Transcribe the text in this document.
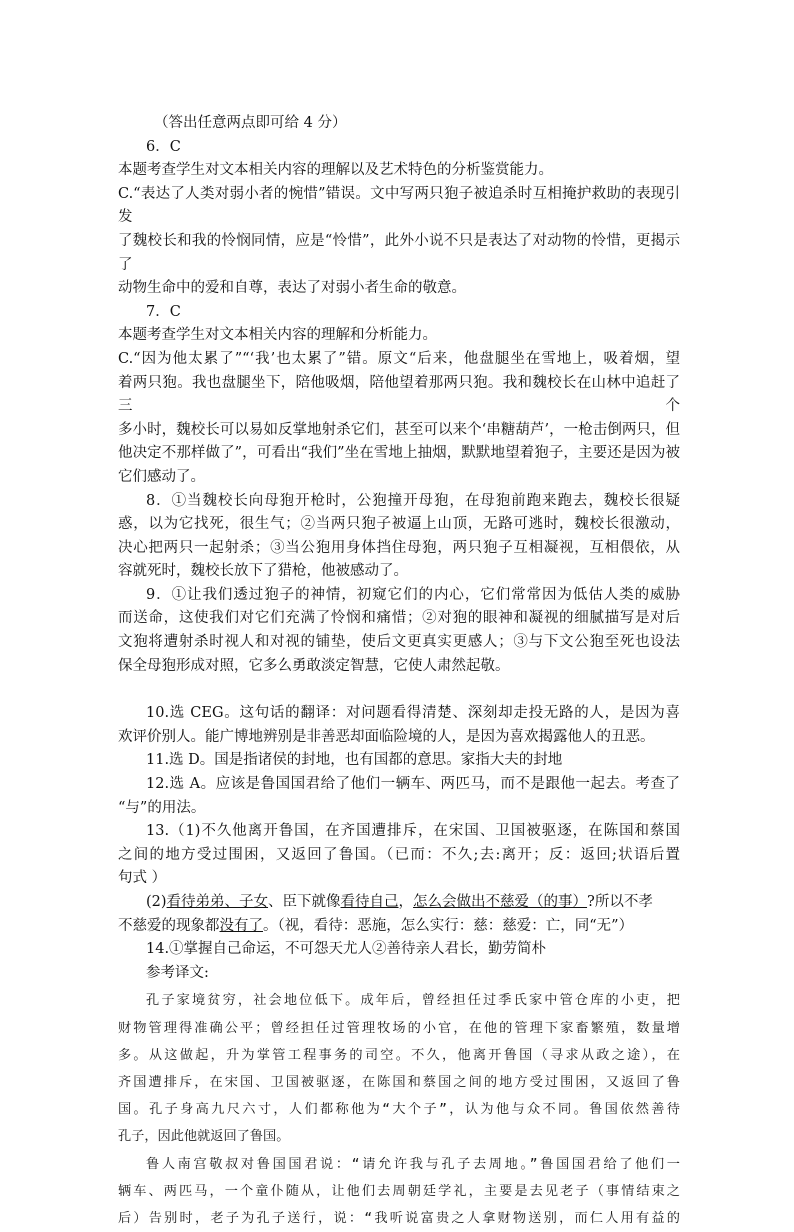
（答出任意两点即可给 4 分）
6．C
本题考查学生对文本相关内容的理解以及艺术特色的分析鉴赏能力。
C.“表达了人类对弱小者的惋惜”错误。文中写两只狍子被追杀时互相掩护救助的表现引发
了魏校长和我的怜悯同情，应是“怜惜”，此外小说不只是表达了对动物的怜惜，更揭示了
动物生命中的爱和自尊，表达了对弱小者生命的敬意。
7．C
本题考查学生对文本相关内容的理解和分析能力。
C.“因为他太累了”“‘我’也太累了”错。原文“后来，他盘腿坐在雪地上，吸着烟，望
着两只狍。我也盘腿坐下，陪他吸烟，陪他望着那两只狍。我和魏校长在山林中追赶了三个
多小时，魏校长可以易如反掌地射杀它们，甚至可以来个‘串糖葫芦’，一枪击倒两只，但
他决定不那样做了”，可看出“我们”坐在雪地上抽烟，默默地望着狍子，主要还是因为被
它们感动了。
8．①当魏校长向母狍开枪时，公狍撞开母狍，在母狍前跑来跑去，魏校长很疑
惑，以为它找死，很生气；②当两只狍子被逼上山顶，无路可逃时，魏校长很激动，
决心把两只一起射杀；③当公狍用身体挡住母狍，两只狍子互相凝视，互相偎依，从
容就死时，魏校长放下了猎枪，他被感动了。
9．①让我们透过狍子的神情，初窥它们的内心，它们常常因为低估人类的威胁
而送命，这使我们对它们充满了怜悯和痛惜；②对狍的眼神和凝视的细腻描写是对后
文狍将遭射杀时视人和对视的铺垫，使后文更真实更感人；③与下文公狍至死也设法
保全母狍形成对照，它多么勇敢淡定智慧，它使人肃然起敬。
10.选 CEG。这句话的翻译：对问题看得清楚、深刻却走投无路的人，是因为喜
欢评价别人。能广博地辨别是非善恶却面临险境的人，是因为喜欢揭露他人的丑恶。
11.选 D。国是指诸侯的封地，也有国都的意思。家指大夫的封地
12.选 A。应该是鲁国国君给了他们一辆车、两匹马，而不是跟他一起去。考查了
“与”的用法。
13.（1)不久他离开鲁国，在齐国遭排斥，在宋国、卫国被驱逐，在陈国和蔡国
之间的地方受过围困，又返回了鲁国。（已而：不久;去:离开；反：返回;状语后置
句式 ）
(2)看待弟弟、子女、臣下就像看待自己，怎么会做出不慈爱（的事）?所以不孝
不慈爱的现象都没有了。（视，看待：恶施，怎么实行：慈：慈爱：亡，同“无”）
14.①掌握自己命运，不可怨天尤人②善待亲人君长，勤劳简朴
参考译文:
孔子家境贫穷，社会地位低下。成年后，曾经担任过季氏家中管仓库的小吏，把
财物管理得准确公平；曾经担任过管理牧场的小官，在他的管理下家畜繁殖，数量增
多。从这做起，升为掌管工程事务的司空。不久，他离开鲁国（寻求从政之途），在
齐国遭排斥，在宋国、卫国被驱逐，在陈国和蔡国之间的地方受过围困，又返回了鲁
国。孔子身高九尺六寸，人们都称他为“大个子”，认为他与众不同。鲁国依然善待
孔子，因此他就返回了鲁国。
鲁人南宫敬叔对鲁国国君说：“请允许我与孔子去周地。”鲁国国君给了他们一
辆车、两匹马，一个童仆随从，让他们去周朝廷学礼，主要是去见老子（事情结束之
后）告别时，老子为孔子送行，说：“我听说富贵之人拿财物送别，而仁人用有益的
